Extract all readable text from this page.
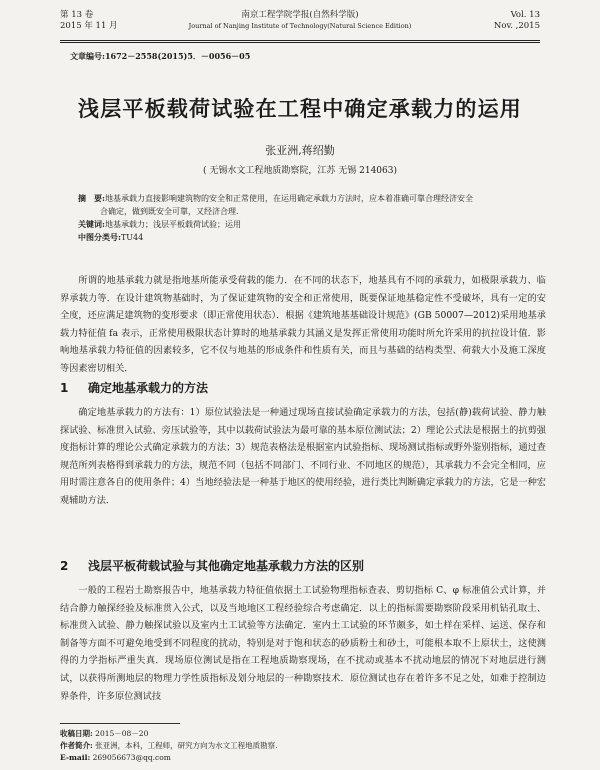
第 13 卷
2015 年 11 月
南京工程学院学报(自然科学版)
Journal of Nanjing Institute of Technology(Natural Science Edition)
Vol. 13
Nov. ,2015
文章编号:1672－2558(2015)5．－0056－05
浅层平板载荷试验在工程中确定承载力的运用
张亚洲,蒋绍勤
( 无锡水文工程地质勘察院，江苏 无锡 214063)
摘　要:地基承载力直接影响建筑物的安全和正常使用，在运用确定承载力方法时，应本着准确可靠合理经济安全
合确定，做到既安全可靠，又经济合理.
关键词:地基承载力；浅层平板载荷试验；运用
中图分类号:TU44

所谓的地基承载力就是指地基所能承受荷载的能力．在不同的状态下，地基具有不同的承载力，如极限承载力、临界承载力等．在设计建筑物基础时，为了保证建筑物的安全和正常使用，既要保证地基稳定性不受破坏，具有一定的安全度，还应满足建筑物的变形要求（即正常使用状态）．根据《建筑地基基础设计规范》(GB 50007—2012)采用地基承载力特征值 fa 表示，正常使用极限状态计算时的地基承载力其涵义是发挥正常使用功能时所允许采用的抗拉设计值．影响地基承载力特征值的因素较多，它不仅与地基的形成条件和性质有关，而且与基础的结构类型、荷载大小及施工深度等因素密切相关．

1 确定地基承载力的方法

确定地基承载力的方法有：1）原位试验法是一种通过现场直接试验确定承载力的方法，包括(静)载荷试验、静力触探试验、标准贯入试验、旁压试验等，其中以载荷试验法为最可靠的基本原位测试法；2）理论公式法是根据土的抗剪强度指标计算的理论公式确定承载力的方法；3）规范表格法是根据室内试验指标、现场测试指标或野外鉴别指标，通过查规范所列表格得到承载力的方法，规范不同（包括不同部门、不同行业、不同地区的规范），其承载力不会完全相同，应用时需注意各自的使用条件；4）当地经验法是一种基于地区的使用经验，进行类比判断确定承载力的方法，它是一种宏观辅助方法．

2 浅层平板荷载试验与其他确定地基承载力方法的区别

一般的工程岩土勘察报告中，地基承载力特征值依据土工试验物理指标查表、剪切指标 C、φ 标准值公式计算，并结合静力触探经验及标准贯入公式，以及当地地区工程经验综合考虑确定．以上的指标需要勘察阶段采用机钻孔取土、标准贯入试验、静力触探试验以及室内土工试验等方法确定．室内土工试验的环节颇多，如土样在采样、运送、保存和制备等方面不可避免地受到不同程度的扰动，特别是对于饱和状态的砂质粉土和砂土，可能根本取不上原状土，这使测得的力学指标严重失真．现场原位测试是指在工程地质勘察现场，在不扰动或基本不扰动地层的情况下对地层进行测试，以获得所测地层的物理力学性质指标及划分地层的一种勘察技术．原位测试也存在着许多不足之处，如难于控制边界条件，许多原位测试技

收稿日期: 2015－08－20
作者简介: 张亚洲，本科，工程师，研究方向为水文工程地质勘察.
E-mail: 269056673@qq.com
